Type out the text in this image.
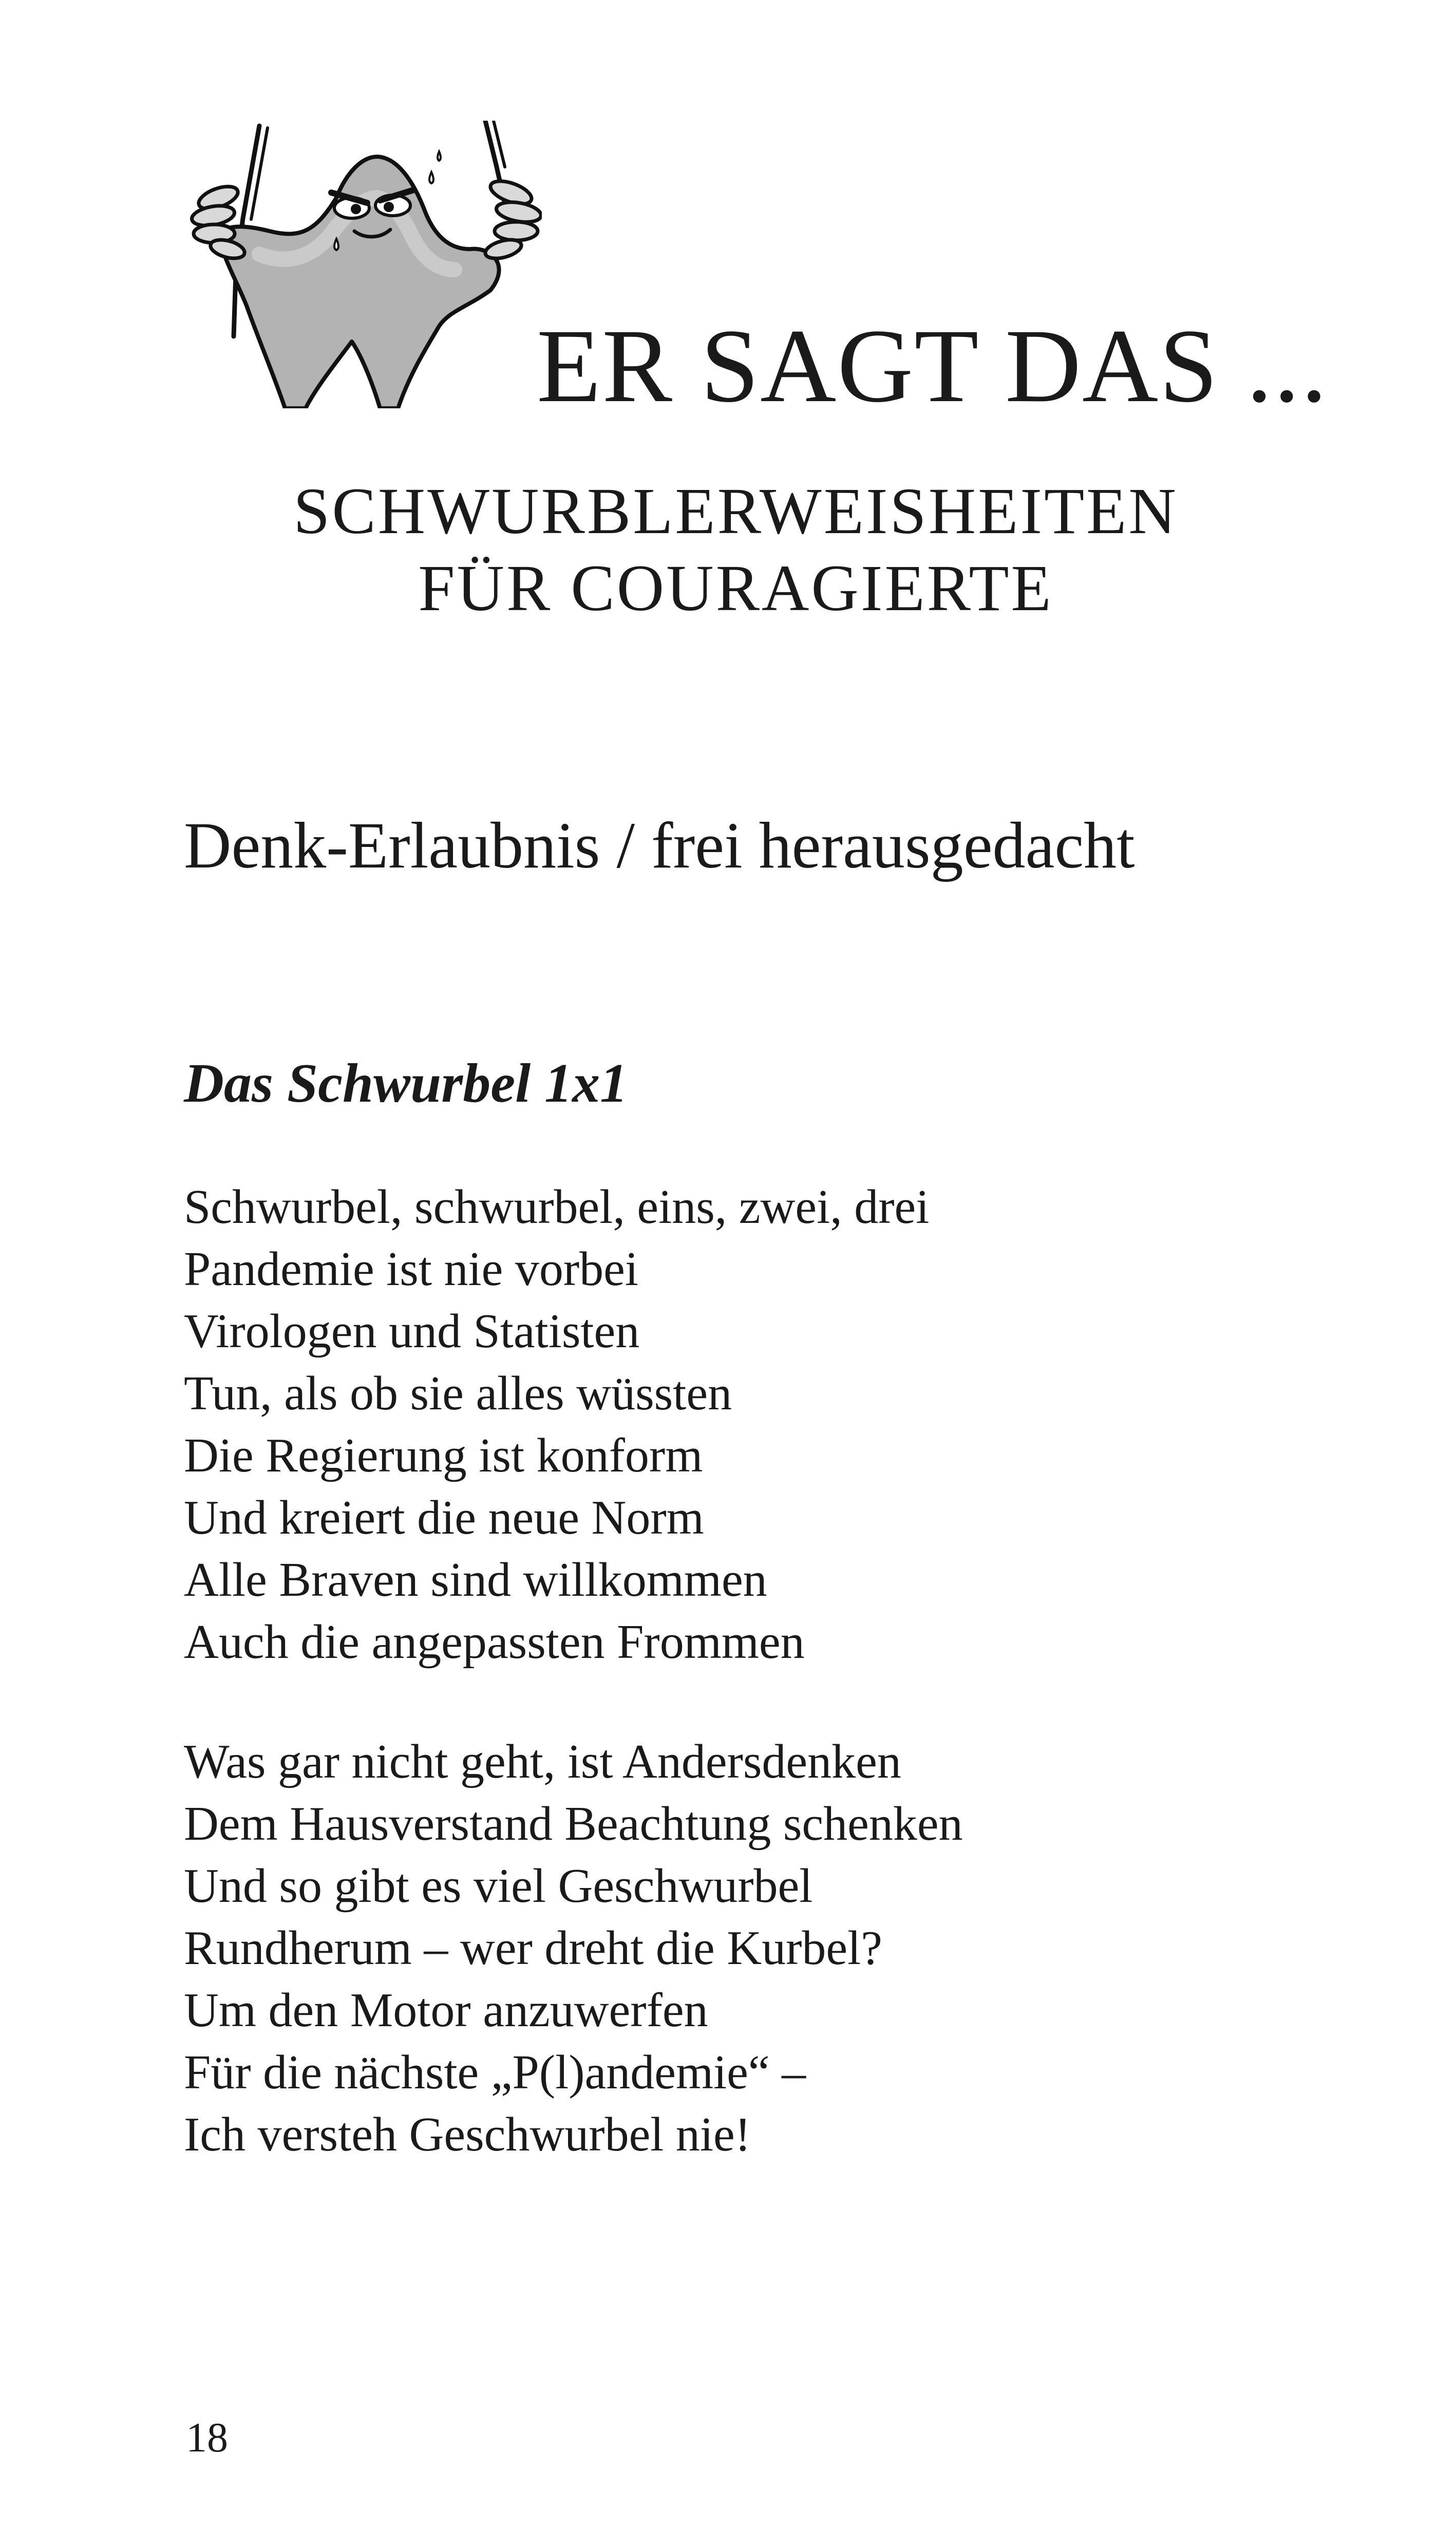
ER SAGT DAS ...
SCHWURBLERWEISHEITEN
FÜR COURAGIERTE
Denk-Erlaubnis / frei herausgedacht
Das Schwurbel 1x1
Schwurbel, schwurbel, eins, zwei, drei
Pandemie ist nie vorbei
Virologen und Statisten
Tun, als ob sie alles wüssten
Die Regierung ist konform
Und kreiert die neue Norm
Alle Braven sind willkommen
Auch die angepassten Frommen
Was gar nicht geht, ist Andersdenken
Dem Hausverstand Beachtung schenken
Und so gibt es viel Geschwurbel
Rundherum – wer dreht die Kurbel?
Um den Motor anzuwerfen
Für die nächste „P(l)andemie“ –
Ich versteh Geschwurbel nie!
18
